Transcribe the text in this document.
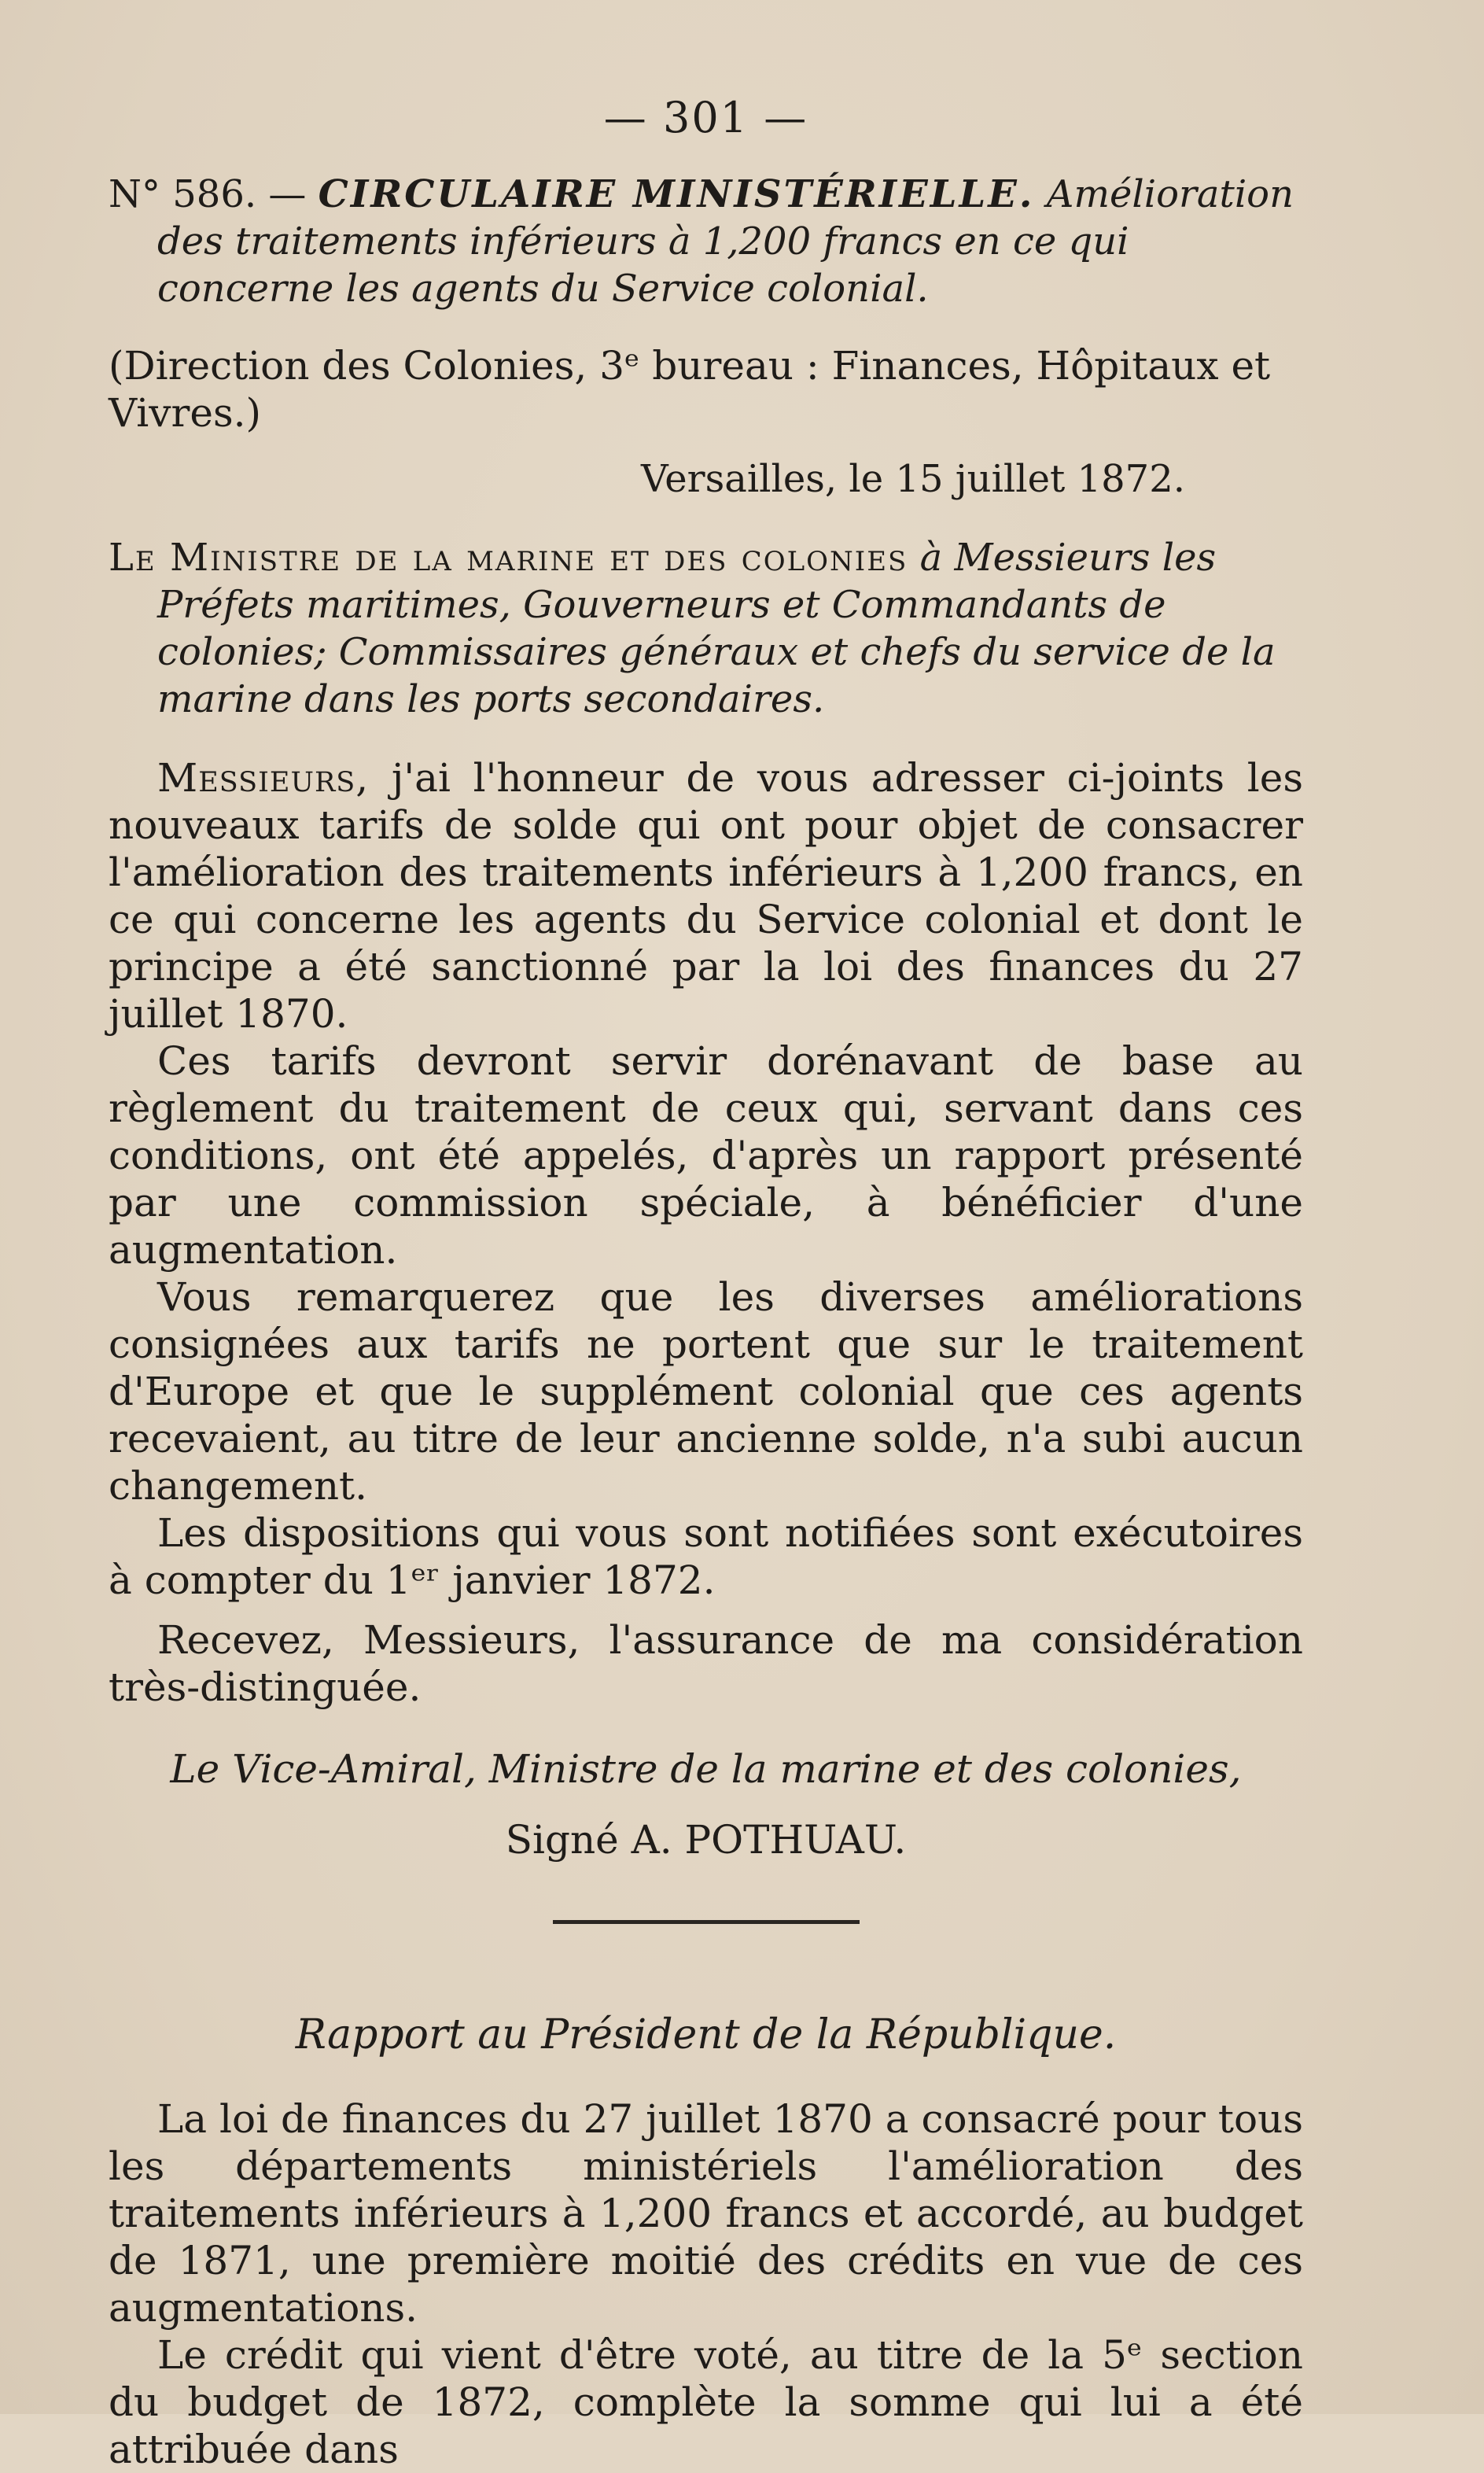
— 301 —
N° 586. — CIRCULAIRE MINISTÉRIELLE. Amélioration des traitements inférieurs à 1,200 francs en ce qui concerne les agents du Service colonial.
(Direction des Colonies, 3ᵉ bureau : Finances, Hôpitaux et Vivres.)
Versailles, le 15 juillet 1872.
Le Ministre de la marine et des colonies à Messieurs les Préfets maritimes, Gouverneurs et Commandants de colonies; Commissaires généraux et chefs du service de la marine dans les ports secondaires.

Messieurs, j'ai l'honneur de vous adresser ci-joints les nouveaux tarifs de solde qui ont pour objet de consacrer l'amélioration des traitements inférieurs à 1,200 francs, en ce qui concerne les agents du Service colonial et dont le principe a été sanctionné par la loi des finances du 27 juillet 1870.

Ces tarifs devront servir dorénavant de base au règlement du traitement de ceux qui, servant dans ces conditions, ont été appelés, d'après un rapport présenté par une commission spéciale, à bénéficier d'une augmentation.

Vous remarquerez que les diverses améliorations consignées aux tarifs ne portent que sur le traitement d'Europe et que le supplément colonial que ces agents recevaient, au titre de leur ancienne solde, n'a subi aucun changement.

Les dispositions qui vous sont notifiées sont exécutoires à compter du 1ᵉʳ janvier 1872.

Recevez, Messieurs, l'assurance de ma considération très-distinguée.

Le Vice-Amiral, Ministre de la marine et des colonies,
Signé A. POTHUAU.
Rapport au Président de la République.

La loi de finances du 27 juillet 1870 a consacré pour tous les départements ministériels l'amélioration des traitements inférieurs à 1,200 francs et accordé, au budget de 1871, une première moitié des crédits en vue de ces augmentations.

Le crédit qui vient d'être voté, au titre de la 5ᵉ section du budget de 1872, complète la somme qui lui a été attribuée dans
